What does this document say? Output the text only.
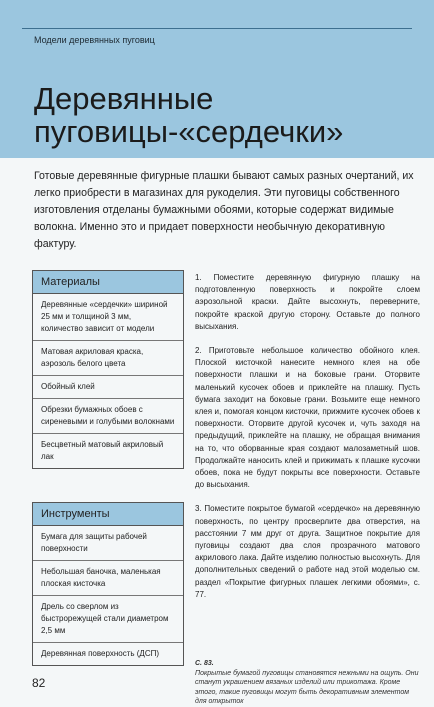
Модели деревянных пуговиц
Деревянные
пуговицы-«сердечки»

Готовые деревянные фигурные плашки бывают самых разных очертаний, их легко приобрести в магазинах для рукоделия. Эти пуговицы собственного изготовления отделаны бумажными обоями, которые содержат видимые волокна. Именно это и придает поверхности необычную декоративную фактуру.

Материалы
Деревянные «сердечки» шириной 25 мм и толщиной 3 мм, количество зависит от модели
Матовая акриловая краска, аэрозоль белого цвета
Обойный клей
Обрезки бумажных обоев с сиреневыми и голубыми волокнами
Бесцветный матовый акриловый лак
Инструменты
Бумага для защиты рабочей поверхности
Небольшая баночка, маленькая плоская кисточка
Дрель со сверлом из быстрорежущей стали диаметром 2,5 мм
Деревянная поверхность (ДСП)

1. Поместите деревянную фигурную плашку на подготовленную поверхность и покройте слоем аэрозольной краски. Дайте высохнуть, переверните, покройте краской другую сторону. Оставьте до полного высыхания.

2. Приготовьте небольшое количество обойного клея. Плоской кисточкой нанесите немного клея на обе поверхности плашки и на боковые грани. Оторвите маленький кусочек обоев и приклейте на плашку. Пусть бумага заходит на боковые грани. Возьмите еще немного клея и, помогая концом кисточки, прижмите кусочек обоев к поверхности. Оторвите другой кусочек и, чуть заходя на предыдущий, приклейте на плашку, не обращая внимания на то, что оборванные края создают малозаметный шов. Продолжайте наносить клей и прижимать к плашке кусочки обоев, пока не будут покрыты все поверхности. Оставьте до высыхания.

3. Поместите покрытое бумагой «сердечко» на деревянную поверхность, по центру просверлите два отверстия, на расстоянии 7 мм друг от друга. Защитное покрытие для пуговицы создают два слоя прозрачного матового акрилового лака. Дайте изделию полностью высохнуть. Для дополнительных сведений о работе над этой моделью см. раздел «Покрытие фигурных плашек легкими обоями», с. 77.

С. 83.
Покрытые бумагой пуговицы становятся нежными на ощупь. Они станут украшением вязаных изделий или трикотажа. Кроме этого, такие пуговицы могут быть декоративным элементом для открыток
82
